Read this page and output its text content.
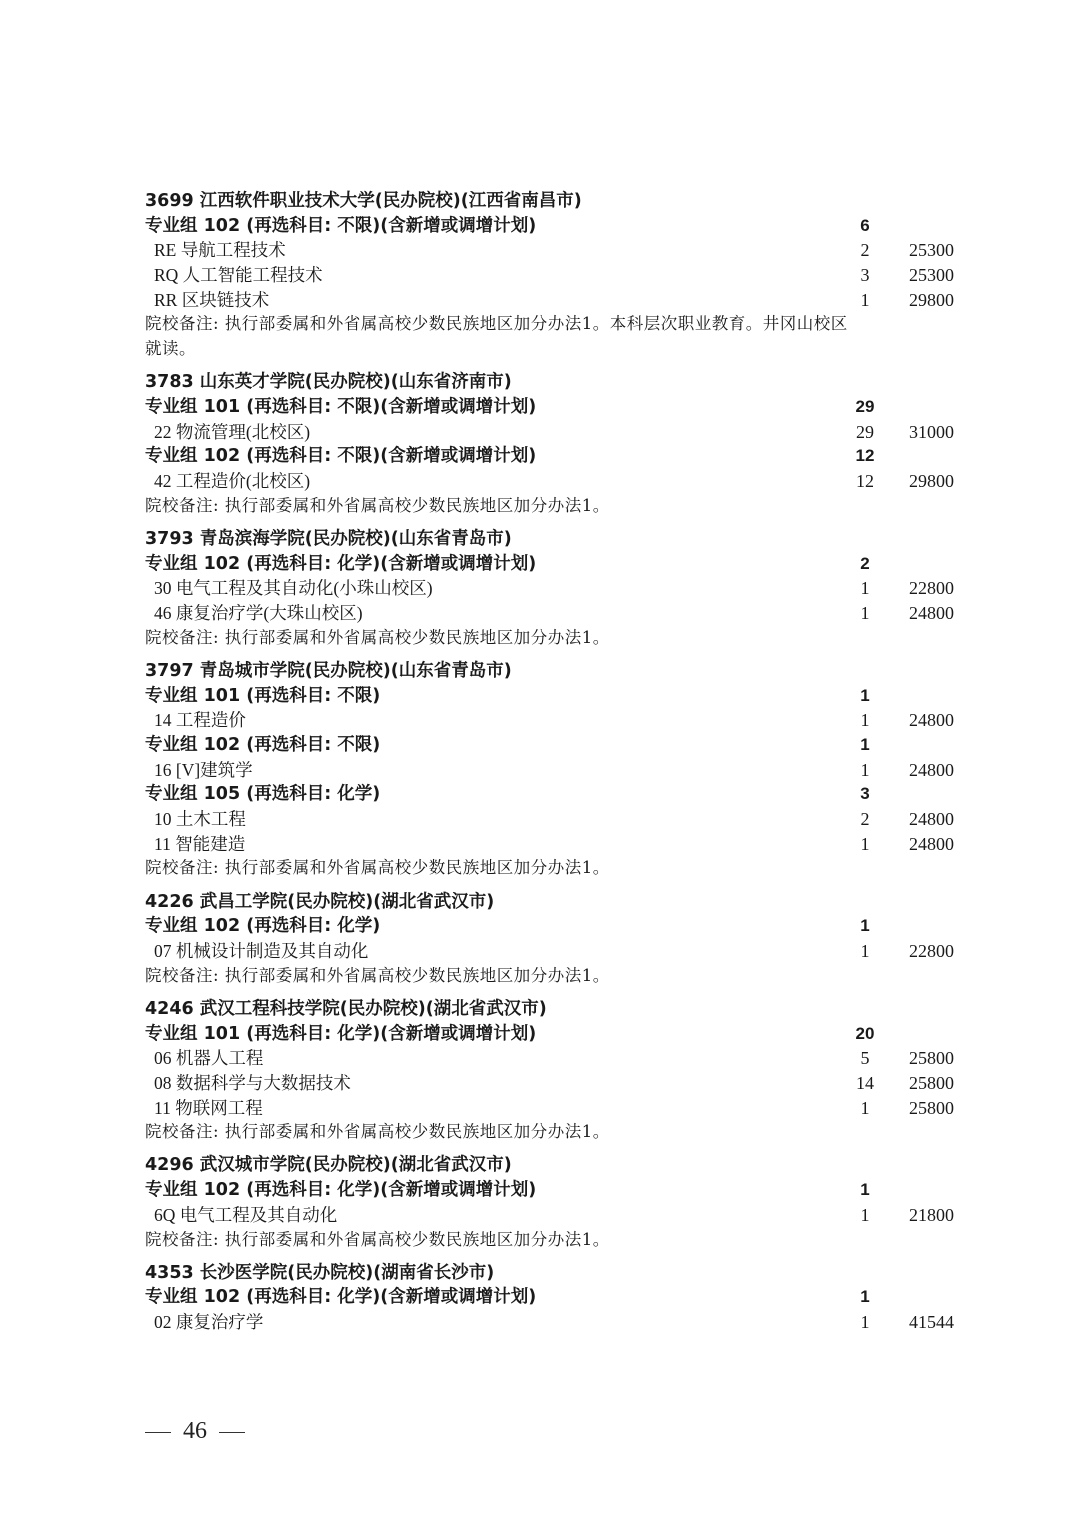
3699 江西软件职业技术大学(民办院校)(江西省南昌市)
专业组 102 (再选科目: 不限)(含新增或调增计划)	6
RE 导航工程技术	2	25300
RQ 人工智能工程技术	3	25300
RR 区块链技术	1	29800
院校备注: 执行部委属和外省属高校少数民族地区加分办法1。本科层次职业教育。井冈山校区
就读。
3783 山东英才学院(民办院校)(山东省济南市)
专业组 101 (再选科目: 不限)(含新增或调增计划)	29
22 物流管理(北校区)	29	31000
专业组 102 (再选科目: 不限)(含新增或调增计划)	12
42 工程造价(北校区)	12	29800
院校备注: 执行部委属和外省属高校少数民族地区加分办法1。
3793 青岛滨海学院(民办院校)(山东省青岛市)
专业组 102 (再选科目: 化学)(含新增或调增计划)	2
30 电气工程及其自动化(小珠山校区)	1	22800
46 康复治疗学(大珠山校区)	1	24800
院校备注: 执行部委属和外省属高校少数民族地区加分办法1。
3797 青岛城市学院(民办院校)(山东省青岛市)
专业组 101 (再选科目: 不限)	1
14 工程造价	1	24800
专业组 102 (再选科目: 不限)	1
16 [V]建筑学	1	24800
专业组 105 (再选科目: 化学)	3
10 土木工程	2	24800
11 智能建造	1	24800
院校备注: 执行部委属和外省属高校少数民族地区加分办法1。
4226 武昌工学院(民办院校)(湖北省武汉市)
专业组 102 (再选科目: 化学)	1
07 机械设计制造及其自动化	1	22800
院校备注: 执行部委属和外省属高校少数民族地区加分办法1。
4246 武汉工程科技学院(民办院校)(湖北省武汉市)
专业组 101 (再选科目: 化学)(含新增或调增计划)	20
06 机器人工程	5	25800
08 数据科学与大数据技术	14	25800
11 物联网工程	1	25800
院校备注: 执行部委属和外省属高校少数民族地区加分办法1。
4296 武汉城市学院(民办院校)(湖北省武汉市)
专业组 102 (再选科目: 化学)(含新增或调增计划)	1
6Q 电气工程及其自动化	1	21800
院校备注: 执行部委属和外省属高校少数民族地区加分办法1。
4353 长沙医学院(民办院校)(湖南省长沙市)
专业组 102 (再选科目: 化学)(含新增或调增计划)	1
02 康复治疗学	1	41544
46
